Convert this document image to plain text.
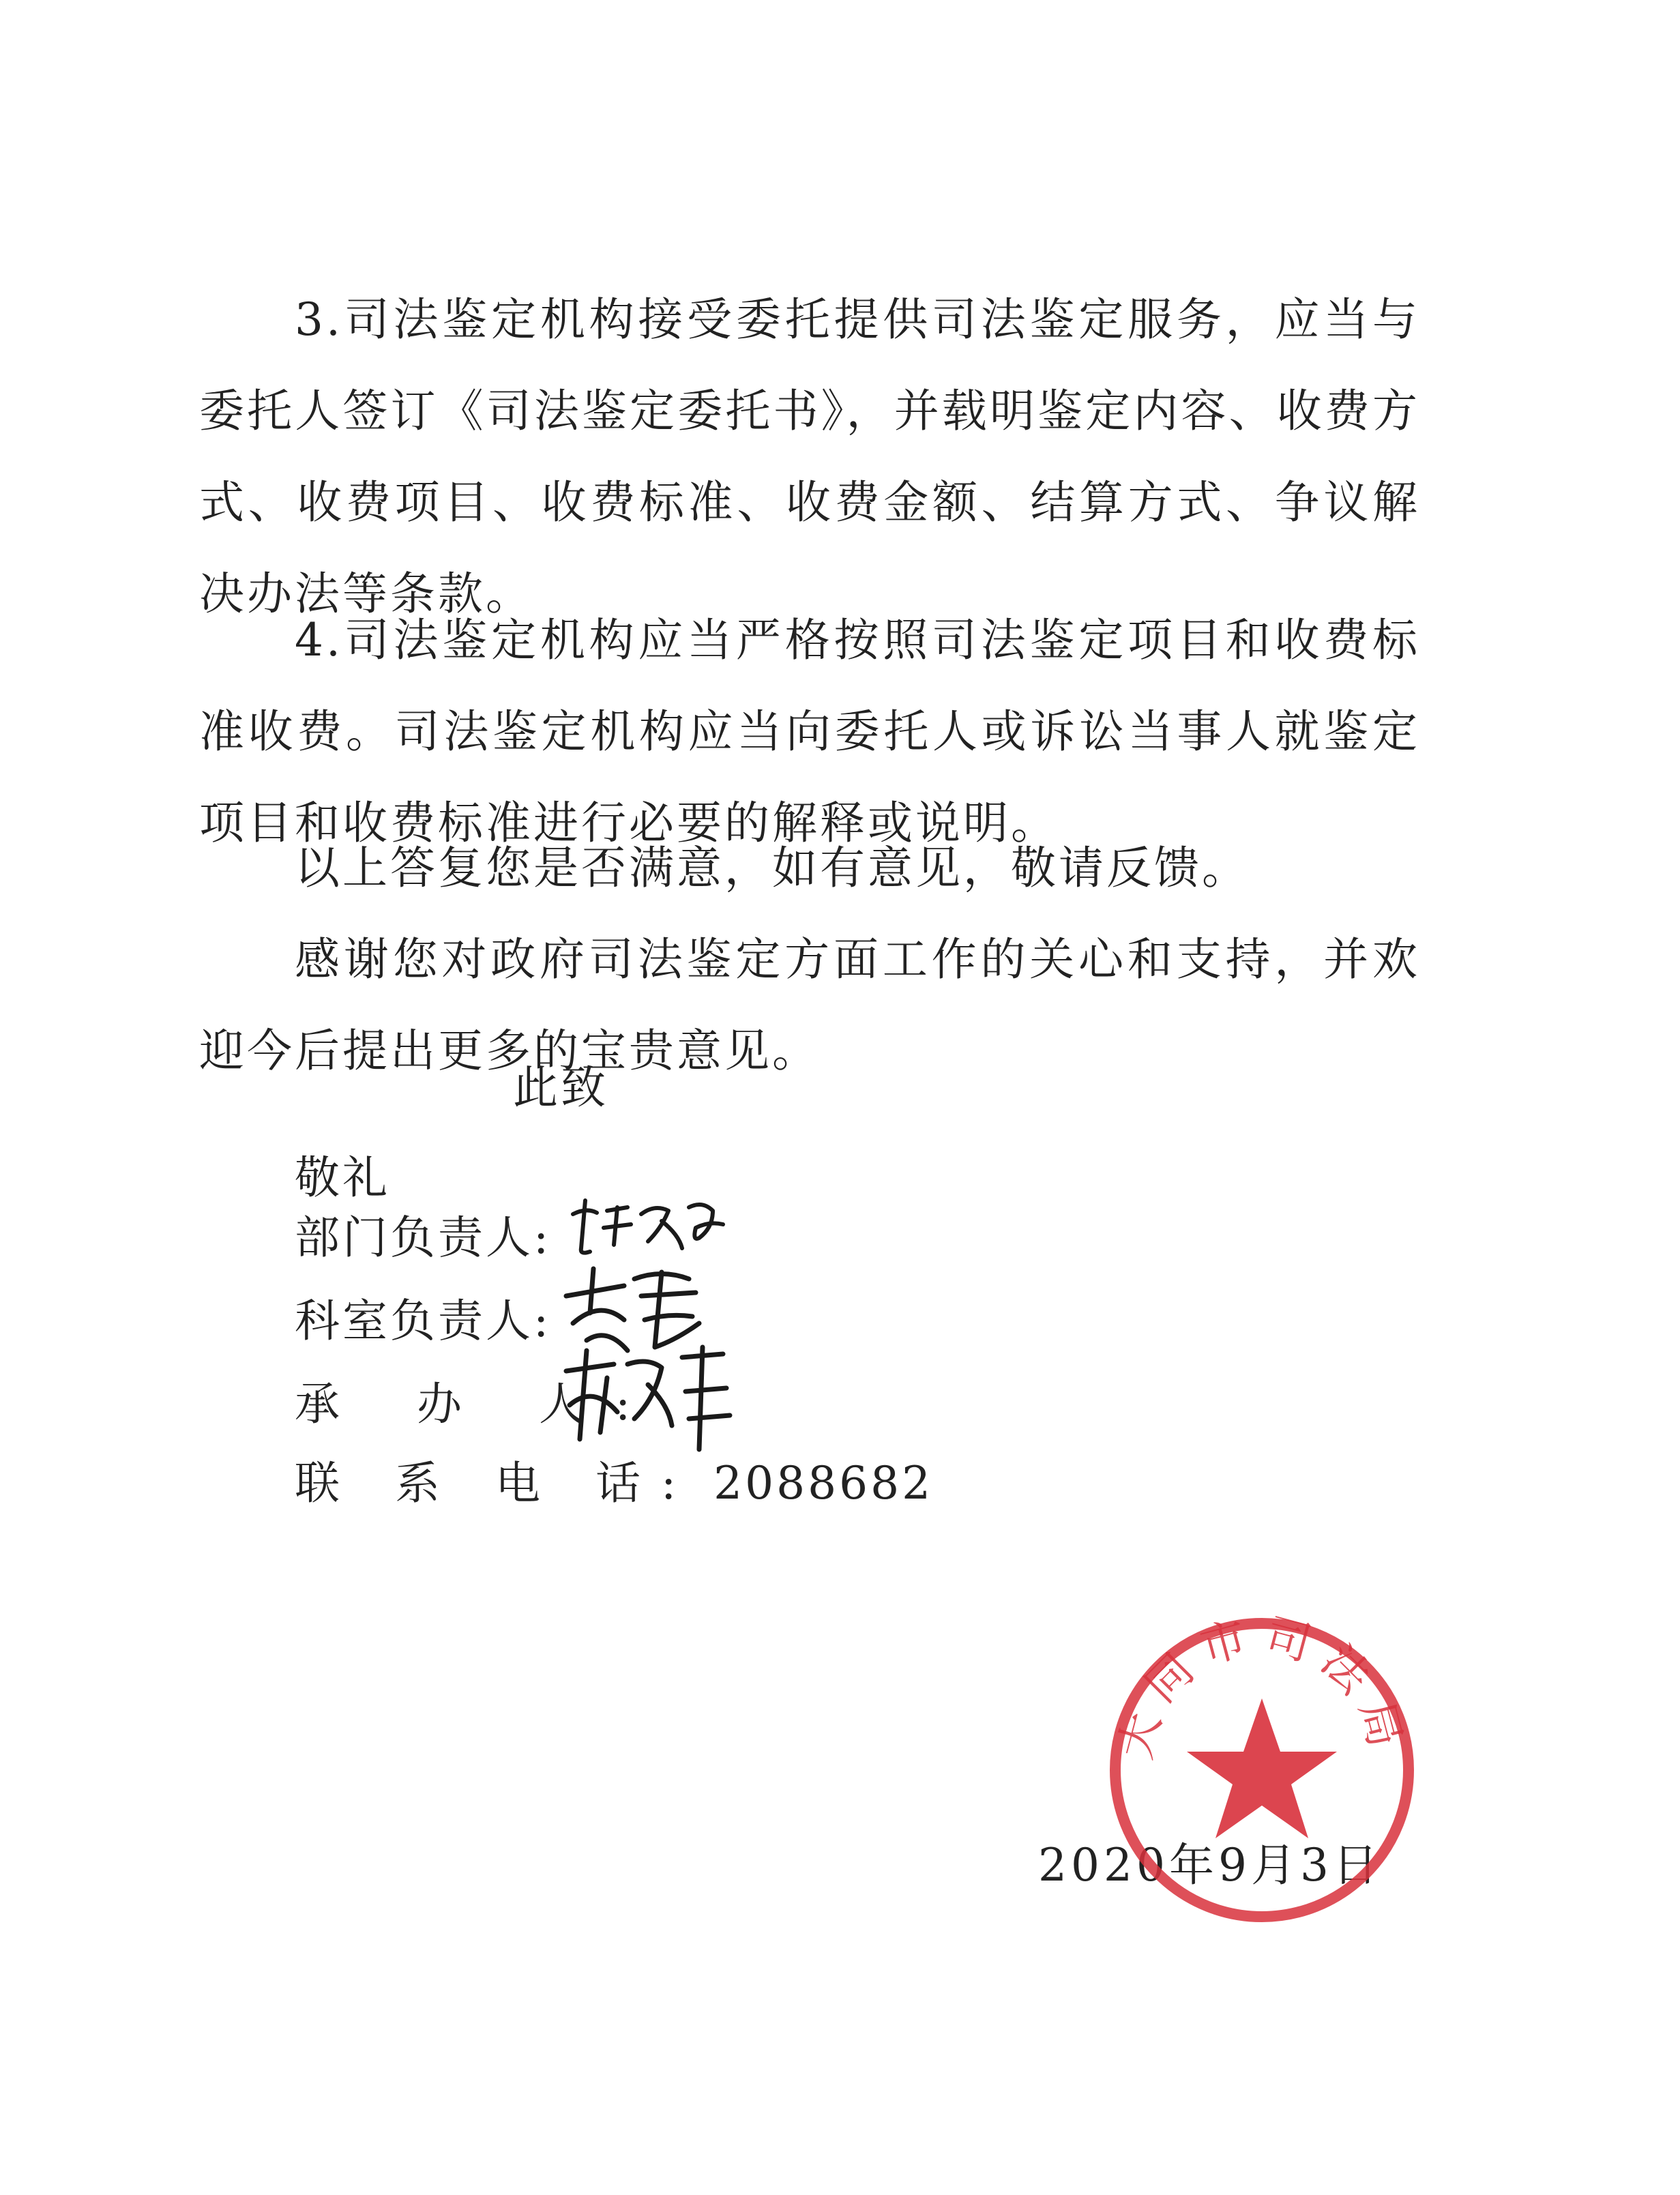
3.司法鉴定机构接受委托提供司法鉴定服务，应当与委托人签订《司法鉴定委托书》，并载明鉴定内容、收费方式、收费项目、收费标准、收费金额、结算方式、争议解决办法等条款。

4.司法鉴定机构应当严格按照司法鉴定项目和收费标准收费。司法鉴定机构应当向委托人或诉讼当事人就鉴定项目和收费标准进行必要的解释或说明。

以上答复您是否满意，如有意见，敬请反馈。

感谢您对政府司法鉴定方面工作的关心和支持，并欢迎今后提出更多的宝贵意见。

此致
敬礼
部门负责人:
科室负责人:
承 办 人:
联 系 电 话: 2088682
2020年9月3日
大同市司法局
